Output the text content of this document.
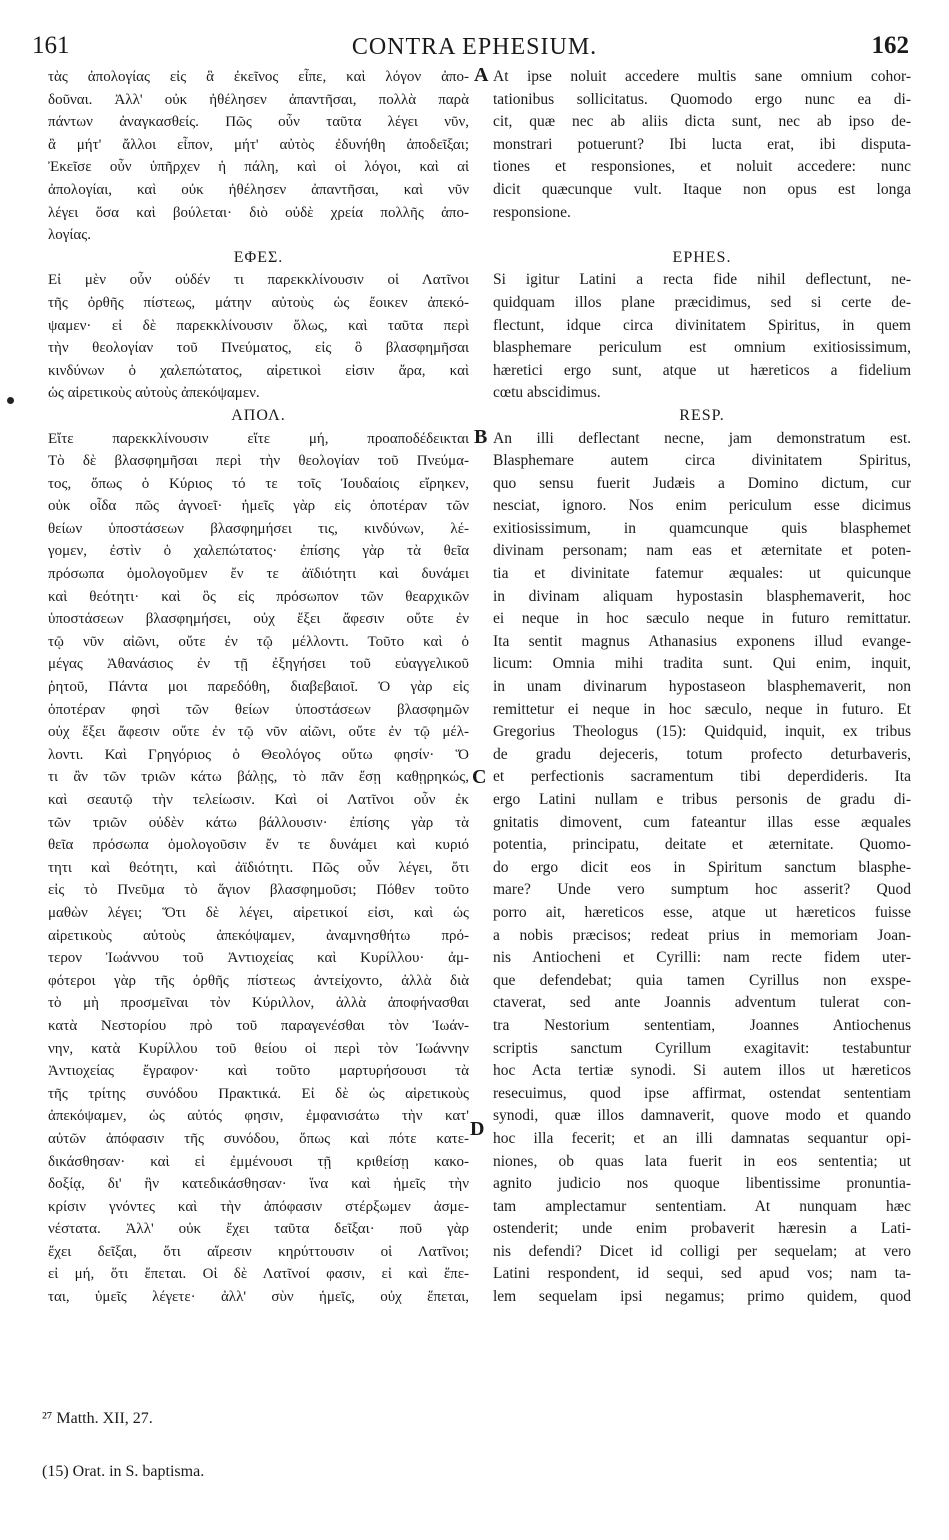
161	CONTRA EPHESIUM.	162
τὰς ἀπολογίας εἰς ἃ ἐκεῖνος εἶπε, καὶ λόγον ἀπο-
δοῦναι. Ἀλλ' οὐκ ἠθέλησεν ἀπαντῆσαι, πολλὰ παρὰ
πάντων ἀναγκασθείς. Πῶς οὖν ταῦτα λέγει νῦν,
ἃ μήτ' ἄλλοι εἶπον, μήτ' αὐτὸς ἐδυνήθη ἀποδεῖξαι;
Ἐκεῖσε οὖν ὑπῆρχεν ἡ πάλη, καὶ οἱ λόγοι, καὶ αἱ
ἀπολογίαι, καὶ οὐκ ἠθέλησεν ἀπαντῆσαι, καὶ νῦν
λέγει ὅσα καὶ βούλεται· διὸ οὐδὲ χρεία πολλῆς ἀπο-
λογίας.
ΕΦΕΣ.
Εἰ μὲν οὖν οὐδέν τι παρεκκλίνουσιν οἱ Λατῖνοι
τῆς ὀρθῆς πίστεως, μάτην αὐτοὺς ὡς ἔοικεν ἀπεκό-
ψαμεν· εἰ δὲ παρεκκλίνουσιν ὅλως, καὶ ταῦτα περὶ
τὴν θεολογίαν τοῦ Πνεύματος, εἰς ὃ βλασφημῆσαι
κινδύνων ὁ χαλεπώτατος, αἱρετικοὶ εἰσιν ἄρα, καὶ
ὡς αἱρετικοὺς αὐτοὺς ἀπεκόψαμεν.
ΑΠΟΛ.
Εἴτε παρεκκλίνουσιν εἴτε μή, προαποδέδεικται
Τὸ δὲ βλασφημῆσαι περὶ τὴν θεολογίαν τοῦ Πνεύμα-
τος, ὅπως ὁ Κύριος τό τε τοῖς Ἰουδαίοις εἴρηκεν,
οὐκ οἶδα πῶς ἀγνοεῖ· ἡμεῖς γὰρ εἰς ὁποτέραν τῶν
θείων ὑποστάσεων βλασφημήσει τις, κινδύνων, λέ-
γομεν, ἐστὶν ὁ χαλεπώτατος· ἐπίσης γὰρ τὰ θεῖα
πρόσωπα ὁμολογοῦμεν ἔν τε ἀϊδιότητι καὶ δυνάμει
καὶ θεότητι· καὶ ὃς εἰς πρόσωπον τῶν θεαρχικῶν
ὑποστάσεων βλασφημήσει, οὐχ ἕξει ἄφεσιν οὔτε ἐν
τῷ νῦν αἰῶνι, οὔτε ἐν τῷ μέλλοντι. Τοῦτο καὶ ὁ
μέγας Ἀθανάσιος ἐν τῇ ἐξηγήσει τοῦ εὐαγγελικοῦ
ῥητοῦ, Πάντα μοι παρεδόθη, διαβεβαιοῖ. Ὁ γὰρ εἰς
ὁποτέραν φησὶ τῶν θείων ὑποστάσεων βλασφημῶν
οὐχ ἕξει ἄφεσιν οὔτε ἐν τῷ νῦν αἰῶνι, οὔτε ἐν τῷ μέλ-
λοντι. Καὶ Γρηγόριος ὁ Θεολόγος οὕτω φησίν· Ὅ
τι ἂν τῶν τριῶν κάτω βάλῃς, τὸ πᾶν ἔσῃ καθῃρηκώς,
καὶ σεαυτῷ τὴν τελείωσιν. Καὶ οἱ Λατῖνοι οὖν ἐκ
τῶν τριῶν οὐδὲν κάτω βάλλουσιν· ἐπίσης γὰρ τὰ
θεῖα πρόσωπα ὁμολογοῦσιν ἔν τε δυνάμει καὶ κυριό
τητι καὶ θεότητι, καὶ ἀϊδιότητι. Πῶς οὖν λέγει, ὅτι
εἰς τὸ Πνεῦμα τὸ ἅγιον βλασφημοῦσι; Πόθεν τοῦτο
μαθὼν λέγει; Ὅτι δὲ λέγει, αἱρετικοί εἰσι, καὶ ὡς
αἱρετικοὺς αὐτοὺς ἀπεκόψαμεν, ἀναμνησθήτω πρό-
τερον Ἰωάννου τοῦ Ἀντιοχείας καὶ Κυρίλλου· ἀμ-
φότεροι γὰρ τῆς ὀρθῆς πίστεως ἀντείχοντο, ἀλλὰ διὰ
τὸ μὴ προσμεῖναι τὸν Κύριλλον, ἀλλὰ ἀποφήνασθαι
κατὰ Νεστορίου πρὸ τοῦ παραγενέσθαι τὸν Ἰωάν-
νην, κατὰ Κυρίλλου τοῦ θείου οἱ περὶ τὸν Ἰωάννην
Ἀντιοχείας ἔγραφον· καὶ τοῦτο μαρτυρήσουσι τὰ
τῆς τρίτης συνόδου Πρακτικά. Εἰ δὲ ὡς αἱρετικοὺς
ἀπεκόψαμεν, ὡς αὐτός φησιν, ἐμφανισάτω τὴν κατ'
αὐτῶν ἀπόφασιν τῆς συνόδου, ὅπως καὶ πότε κατε-
δικάσθησαν· καὶ εἰ ἐμμένουσι τῇ κριθείσῃ κακο-
δοξίᾳ, δι' ἣν κατεδικάσθησαν· ἵνα καὶ ἡμεῖς τὴν
κρίσιν γνόντες καὶ τὴν ἀπόφασιν στέρξωμεν ἀσμε-
νέστατα. Ἀλλ' οὐκ ἔχει ταῦτα δεῖξαι· ποῦ γὰρ
ἔχει δεῖξαι, ὅτι αἵρεσιν κηρύττουσιν οἱ Λατῖνοι;
εἰ μή, ὅτι ἕπεται. Οἱ δὲ Λατῖνοί φασιν, εἰ καὶ ἕπε-
ται, ὑμεῖς λέγετε· ἀλλ' σὺν ἡμεῖς, οὐχ ἕπεται,
At ipse noluit accedere multis sane omnium cohor-
tationibus sollicitatus. Quomodo ergo nunc ea di-
cit, quæ nec ab aliis dicta sunt, nec ab ipso de-
monstrari potuerunt? Ibi lucta erat, ibi disputa-
tiones et responsiones, et noluit accedere: nunc
dicit quæcunque vult. Itaque non opus est longa
responsione.
EPHES.
Si igitur Latini a recta fide nihil deflectunt, ne-
quidquam illos plane præcidimus, sed si certe de-
flectunt, idque circa divinitatem Spiritus, in quem
blasphemare periculum est omnium exitiosissimum,
hæretici ergo sunt, atque ut hæreticos a fidelium
cœtu abscidimus.
RESP.
An illi deflectant necne, jam demonstratum est.
Blasphemare autem circa divinitatem Spiritus,
quo sensu fuerit Judæis a Domino dictum, cur
nesciat, ignoro. Nos enim periculum esse dicimus
exitiosissimum, in quamcunque quis blasphemet
divinam personam; nam eas et æternitate et poten-
tia et divinitate fatemur æquales: ut quicunque
in divinam aliquam hypostasin blasphemaverit, hoc
ei neque in hoc sæculo neque in futuro remittatur.
Ita sentit magnus Athanasius exponens illud evange-
licum: Omnia mihi tradita sunt. Qui enim, inquit,
in unam divinarum hypostaseon blasphemaverit, non
remittetur ei neque in hoc sæculo, neque in futuro. Et
Gregorius Theologus (15): Quidquid, inquit, ex tribus
de gradu dejeceris, totum profecto deturbaveris,
et perfectionis sacramentum tibi deperdideris. Ita
ergo Latini nullam e tribus personis de gradu di-
gnitatis dimovent, cum fateantur illas esse æquales
potentia, principatu, deitate et æternitate. Quomo-
do ergo dicit eos in Spiritum sanctum blasphe-
mare? Unde vero sumptum hoc asserit? Quod
porro ait, hæreticos esse, atque ut hæreticos fuisse
a nobis præcisos; redeat prius in memoriam Joan-
nis Antiocheni et Cyrilli: nam recte fidem uter-
que defendebat; quia tamen Cyrillus non exspe-
ctaverat, sed ante Joannis adventum tulerat con-
tra Nestorium sententiam, Joannes Antiochenus
scriptis sanctum Cyrillum exagitavit: testabuntur
hoc Acta tertiæ synodi. Si autem illos ut hæreticos
resecuimus, quod ipse affirmat, ostendat sententiam
synodi, quæ illos damnaverit, quove modo et quando
hoc illa fecerit; et an illi damnatas sequantur opi-
niones, ob quas lata fuerit in eos sententia; ut
agnito judicio nos quoque libentissime pronuntia-
tam amplectamur sententiam. At nunquam hæc
ostenderit; unde enim probaverit hæresin a Lati-
nis defendi? Dicet id colligi per sequelam; at vero
Latini respondent, id sequi, sed apud vos; nam ta-
lem sequelam ipsi negamus; primo quidem, quod
A
B
C
D
²⁷ Matth. XII, 27.
(15) Orat. in S. baptisma.
